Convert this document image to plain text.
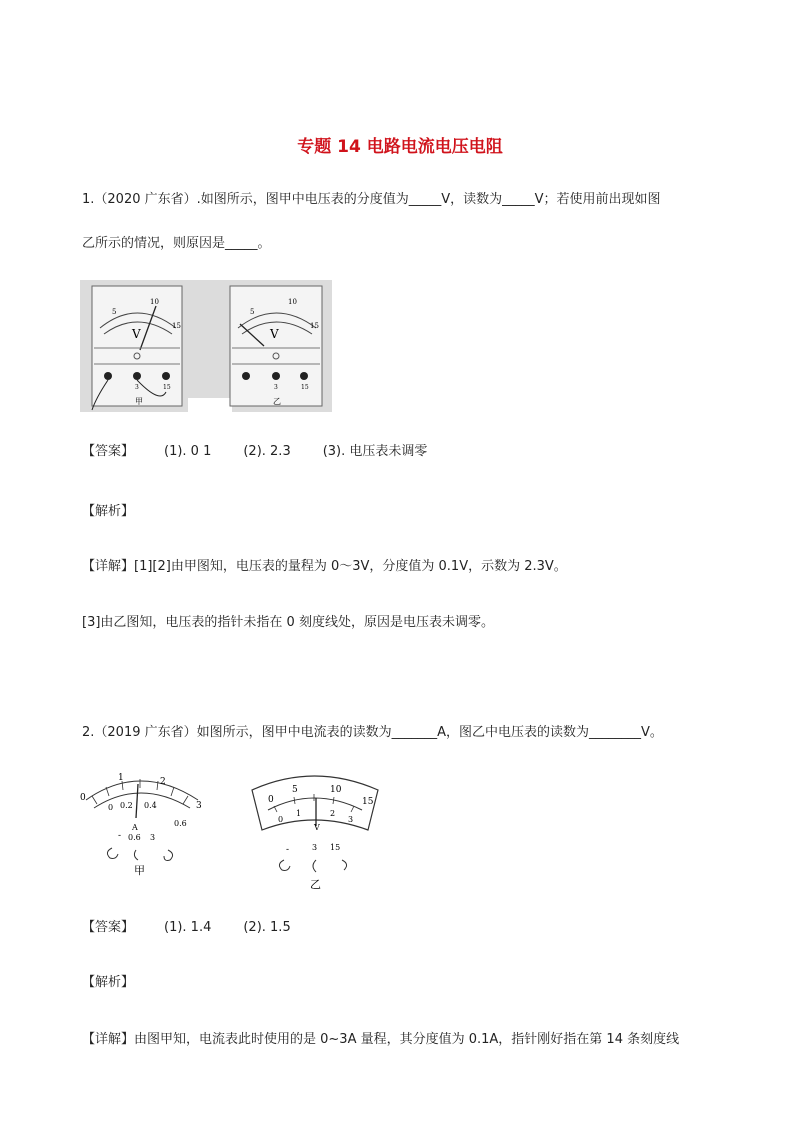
专题 14 电路电流电压电阻
1.（2020 广东省）.如图所示，图甲中电压表的分度值为_____V，读数为_____V；若使用前出现如图
乙所示的情况，则原因是_____。
5
10
15
V
3	15
甲
5
10
15
V
3	15
乙
【答案】 (1). 0 1 (2). 2.3 (3). 电压表未调零
【解析】
【详解】[1][2]由甲图知，电压表的量程为 0～3V，分度值为 0.1V，示数为 2.3V。
[3]由乙图知，电压表的指针未指在 0 刻度线处，原因是电压表未调零。
2.（2019 广东省）如图所示，图甲中电流表的读数为_______A，图乙中电压表的读数为________V。
0
1	2
3
0 0.2 0.4
0.6
A
- 0.6 3
甲
0
5	10
15
0
1	2
3
V
-	3 15
乙
【答案】 (1). 1.4 (2). 1.5
【解析】
【详解】由图甲知，电流表此时使用的是 0~3A 量程，其分度值为 0.1A，指针刚好指在第 14 条刻度线
